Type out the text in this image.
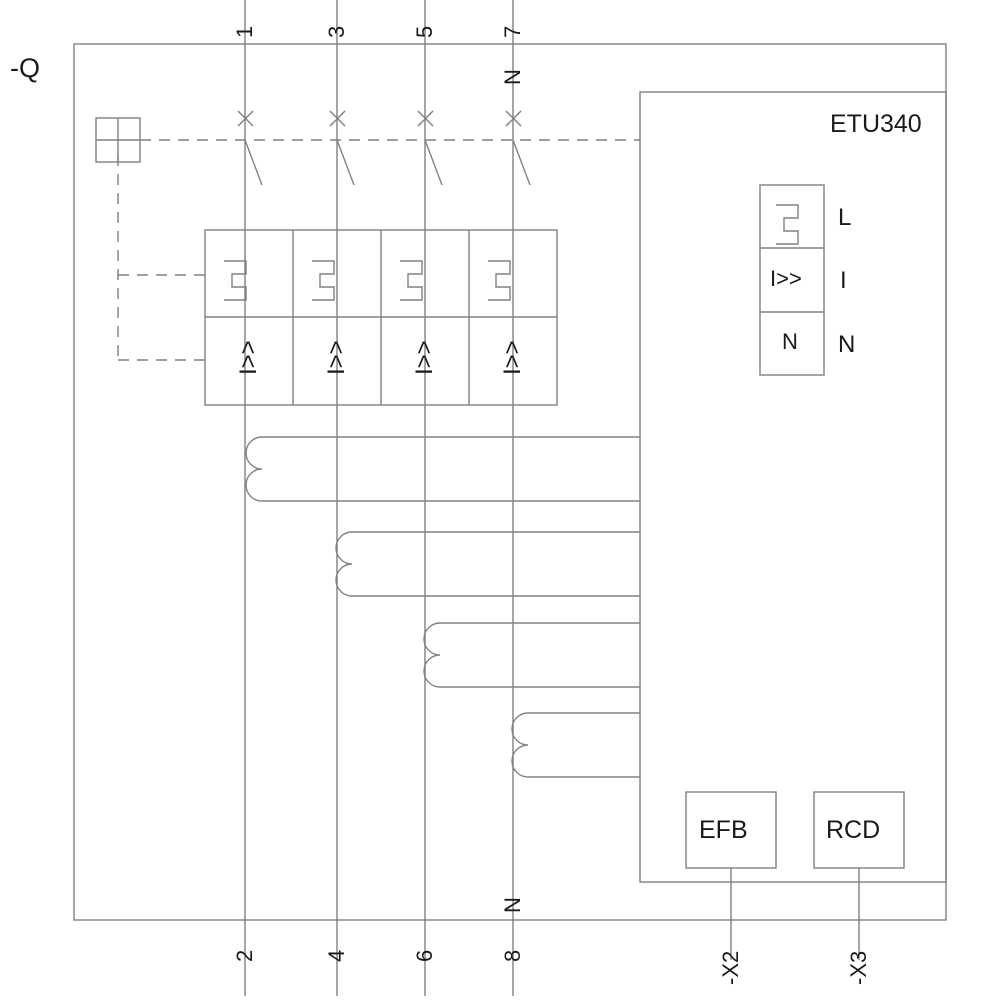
-Q
ETU340
1	3	5	7
N
2	4	6	8
N
I>>	I>>	I>>	I>>
I>>
N
L
I
N
EFB	RCD
-X2	-X3
